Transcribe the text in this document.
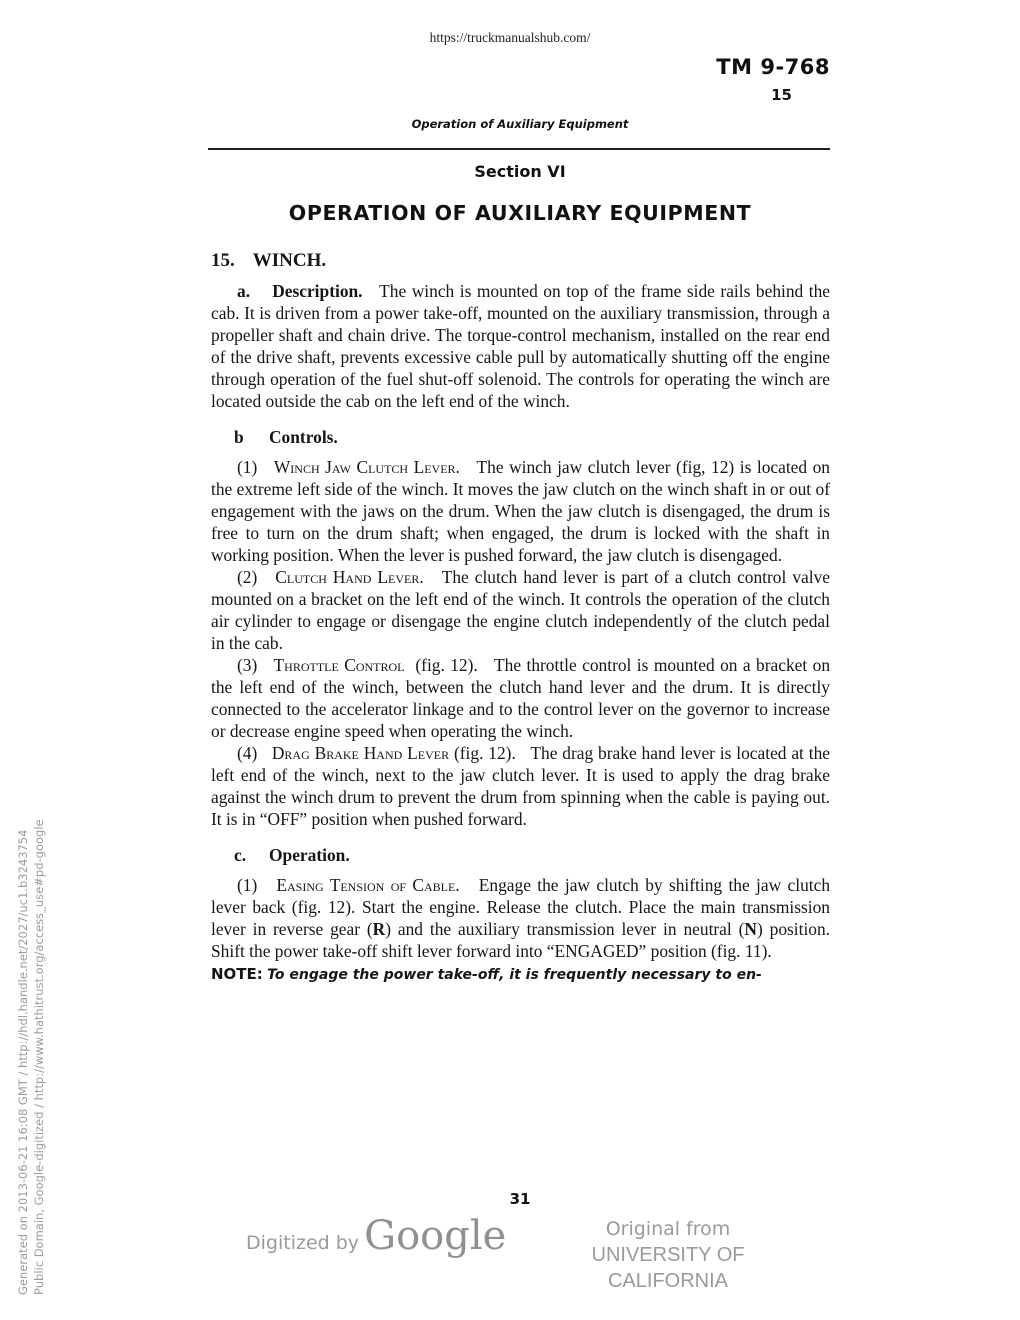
https://truckmanualshub.com/
TM 9-768
15
Operation of Auxiliary Equipment
Section VI
OPERATION OF AUXILIARY EQUIPMENT
15. WINCH.

a. Description. The winch is mounted on top of the frame side rails behind the cab. It is driven from a power take-off, mounted on the auxiliary transmission, through a propeller shaft and chain drive. The torque-control mechanism, installed on the rear end of the drive shaft, prevents excessive cable pull by automatically shutting off the engine through operation of the fuel shut-off solenoid. The controls for operating the winch are located outside the cab on the left end of the winch.

b Controls.

(1) Winch Jaw Clutch Lever. The winch jaw clutch lever (fig, 12) is located on the extreme left side of the winch. It moves the jaw clutch on the winch shaft in or out of engagement with the jaws on the drum. When the jaw clutch is disengaged, the drum is free to turn on the drum shaft; when engaged, the drum is locked with the shaft in working position. When the lever is pushed forward, the jaw clutch is disengaged.

(2) Clutch Hand Lever. The clutch hand lever is part of a clutch control valve mounted on a bracket on the left end of the winch. It controls the operation of the clutch air cylinder to engage or disengage the engine clutch independently of the clutch pedal in the cab.

(3) Throttle Control (fig. 12). The throttle control is mounted on a bracket on the left end of the winch, between the clutch hand lever and the drum. It is directly connected to the accelerator linkage and to the control lever on the governor to increase or decrease engine speed when operating the winch.

(4) Drag Brake Hand Lever (fig. 12). The drag brake hand lever is located at the left end of the winch, next to the jaw clutch lever. It is used to apply the drag brake against the winch drum to prevent the drum from spinning when the cable is paying out. It is in “OFF” position when pushed forward.

c. Operation.

(1) Easing Tension of Cable. Engage the jaw clutch by shifting the jaw clutch lever back (fig. 12). Start the engine. Release the clutch. Place the main transmission lever in reverse gear (R) and the auxiliary transmission lever in neutral (N) position. Shift the power take-off shift lever forward into “ENGAGED” position (fig. 11).

NOTE: To engage the power take-off, it is frequently necessary to en-

31
Digitized by Google	Original from
UNIVERSITY OF CALIFORNIA
Generated on 2013-06-21 16:08 GMT / http://hdl.handle.net/2027/uc1.b3243754 Public Domain, Google-digitized / http://www.hathitrust.org/access_use#pd-google
